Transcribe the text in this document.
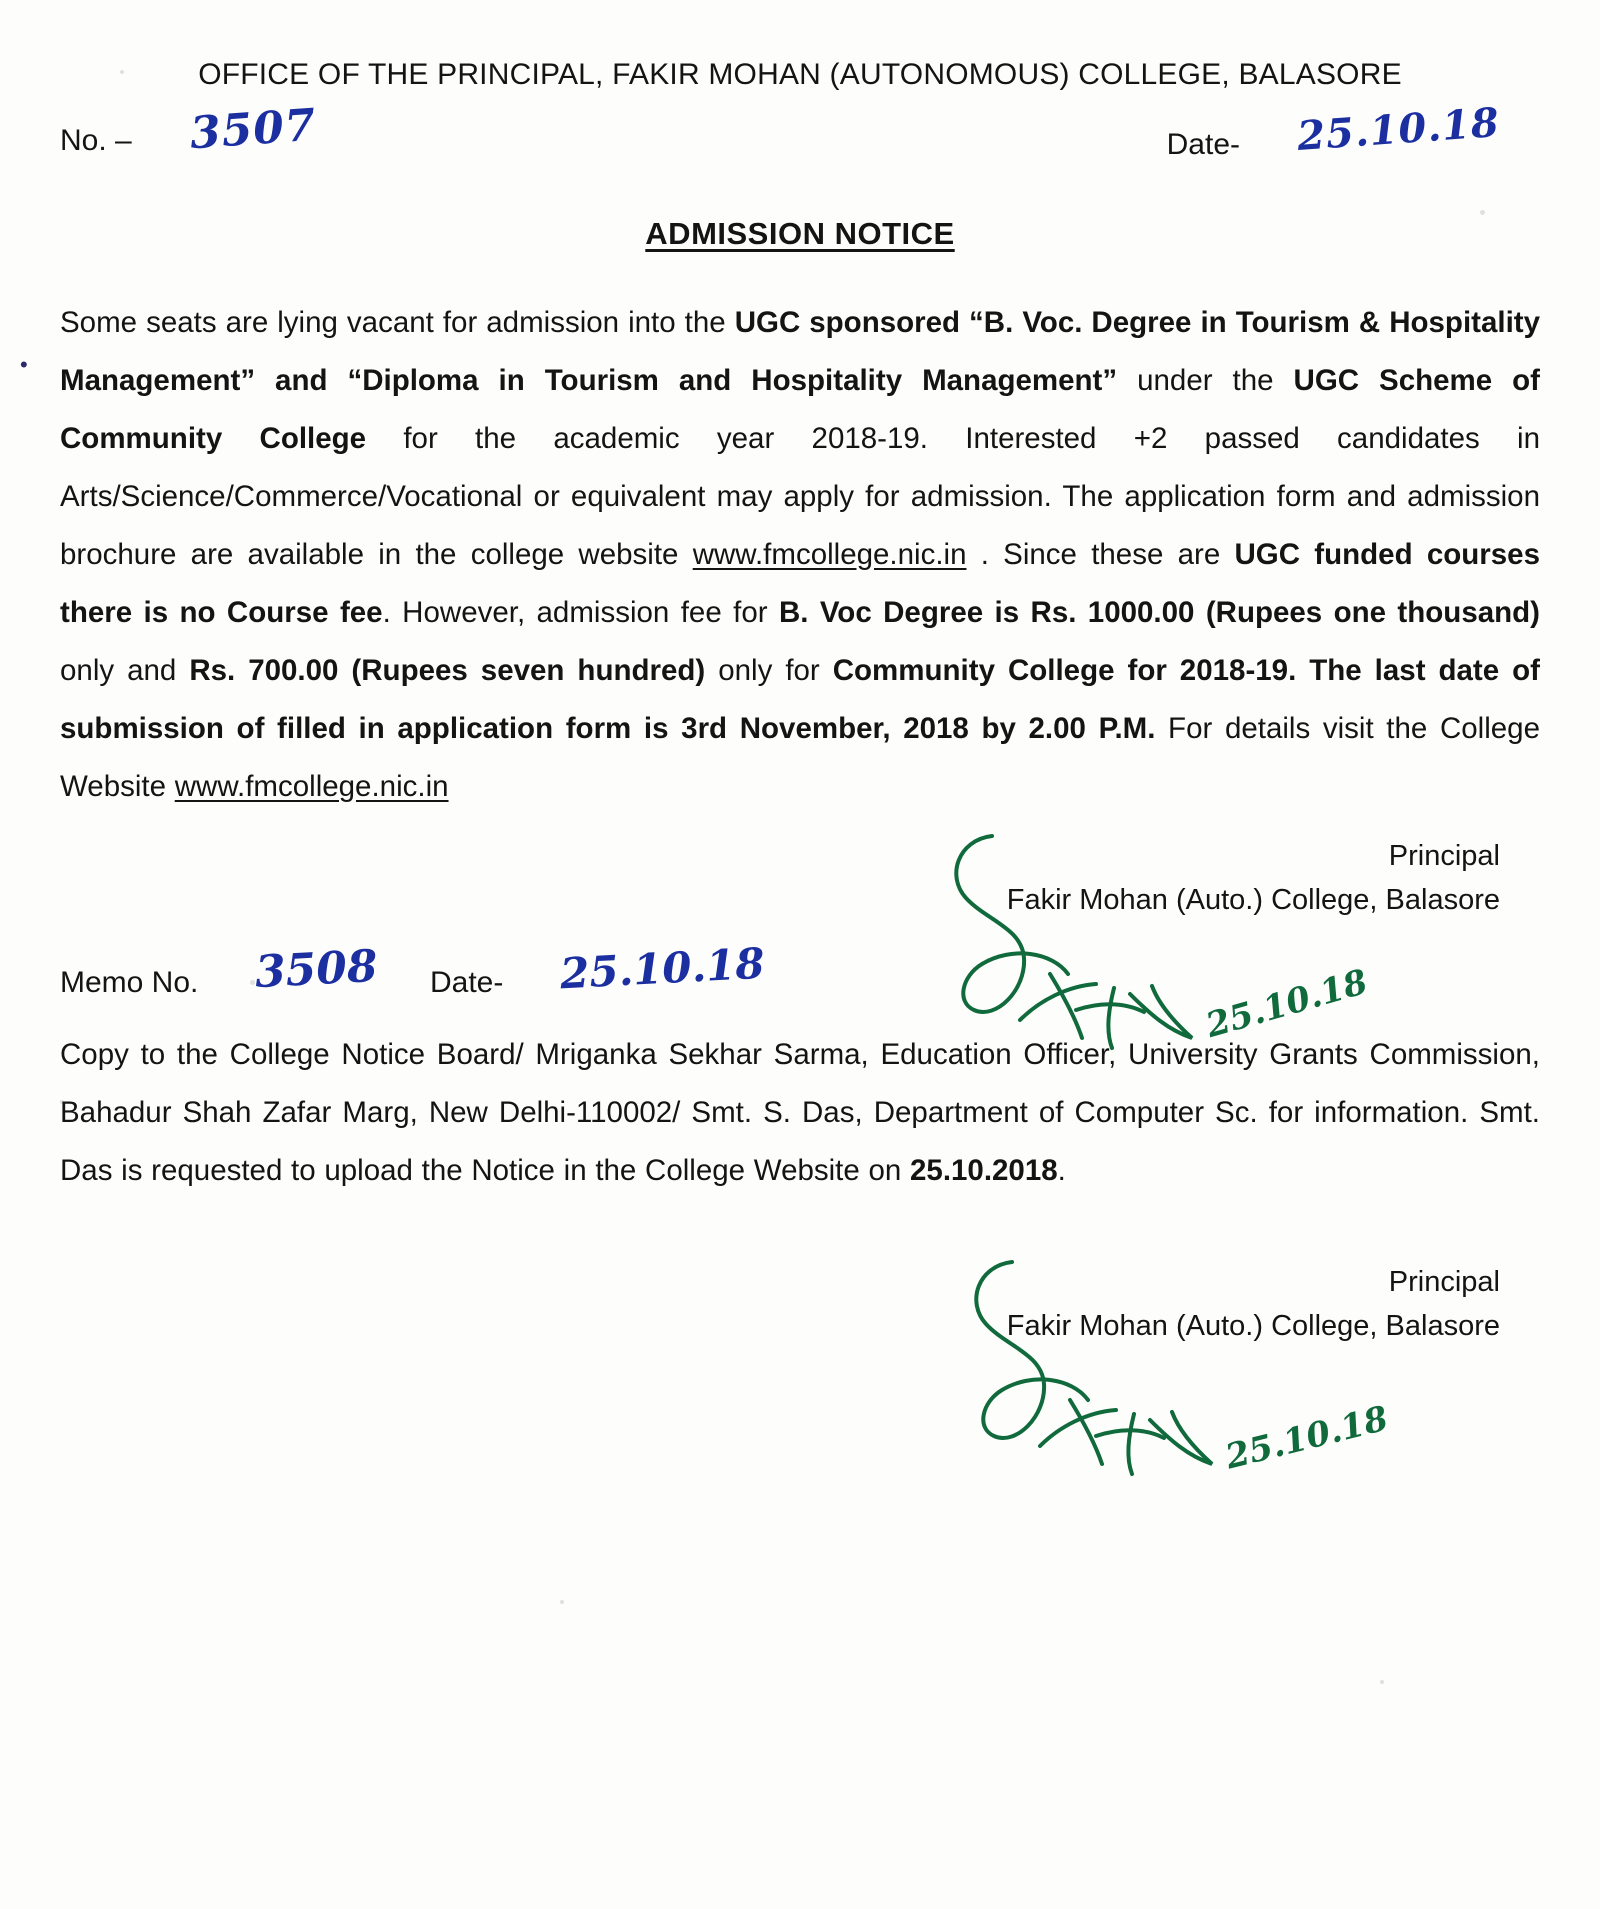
OFFICE OF THE PRINCIPAL, FAKIR MOHAN (AUTONOMOUS) COLLEGE, BALASORE
No. – 3507	Date- 25.10.18
ADMISSION NOTICE
•

Some seats are lying vacant for admission into the UGC sponsored “B. Voc. Degree in Tourism & Hospitality Management” and “Diploma in Tourism and Hospitality Management” under the UGC Scheme of Community College for the academic year 2018-19. Interested +2 passed candidates in Arts/Science/Commerce/Vocational or equivalent may apply for admission. The application form and admission brochure are available in the college website www.fmcollege.nic.in . Since these are UGC funded courses there is no Course fee. However, admission fee for B. Voc Degree is Rs. 1000.00 (Rupees one thousand) only and Rs. 700.00 (Rupees seven hundred) only for Community College for 2018-19. The last date of submission of filled in application form is 3rd November, 2018 by 2.00 P.M. For details visit the College Website www.fmcollege.nic.in

25.10.18
Principal
Fakir Mohan (Auto.) College, Balasore
Memo No. 3508 Date- 25.10.18

Copy to the College Notice Board/ Mriganka Sekhar Sarma, Education Officer, University Grants Commission, Bahadur Shah Zafar Marg, New Delhi-110002/ Smt. S. Das, Department of Computer Sc. for information. Smt. Das is requested to upload the Notice in the College Website on 25.10.2018.

25.10.18
Principal
Fakir Mohan (Auto.) College, Balasore
